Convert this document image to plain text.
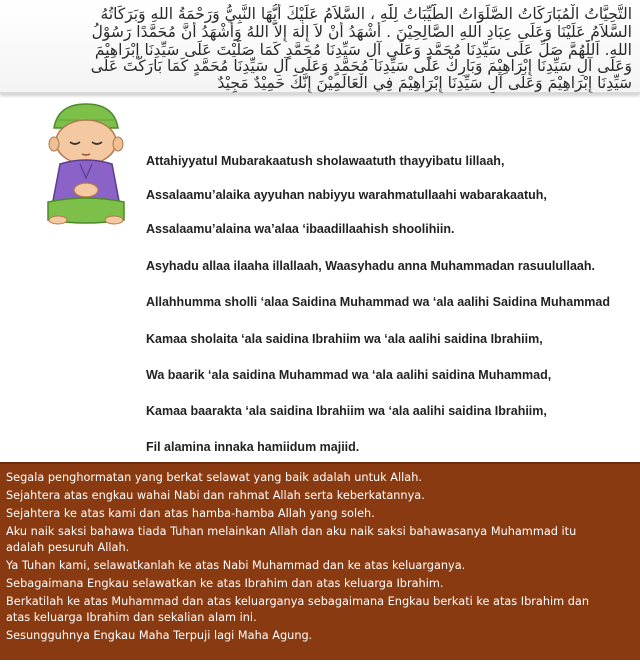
التَّحِيَّاتُ الْمُبَارَكَاتُ الصَّلَوَاتُ الطَّيِّبَاتُ لِلّٰهِ ، السَّلاَمُ عَلَيْكَ أَيُّهَا النَّبِيُّ وَرَحْمَةُ اللهِ وَبَرَكَاتُهُ
السَّلاَمُ عَلَيْنَا وَعَلَى عِبَادِ اللهِ الصَّالِحِيْنَ . أَشْهَدُ أَنْ لاَ إِلٰهَ إِلاَّ اللهُ وَأَشْهَدُ أَنَّ مُحَمَّدًا رَسُوْلُ
اللهِ. اَللّٰهُمَّ صَلِّ عَلَى سَيِّدِنَا مُحَمَّدٍ وَعَلَى آلِ سَيِّدِنَا مُحَمَّدٍ كَمَا صَلَّيْتَ عَلَى سَيِّدِنَا إِبْرَاهِيْمَ
وَعَلَى آلِ سَيِّدِنَا إِبْرَاهِيْمَ وَبَارِكْ عَلَى سَيِّدِنَا مُحَمَّدٍ وَعَلَى آلِ سَيِّدِنَا مُحَمَّدٍ كَمَا بَارَكْتَ عَلَى
سَيِّدِنَا إِبْرَاهِيْمَ وَعَلَى آلِ سَيِّدِنَا إِبْرَاهِيْمَ فِي الْعَالَمِيْنَ إِنَّكَ حَمِيْدٌ مَجِيْدٌ
Attahiyyatul Mubarakaatush sholawaatuth thayyibatu lillaah,
Assalaamu’alaika ayyuhan nabiyyu warahmatullaahi wabarakaatuh,
Assalaamu’alaina wa’alaa ‘ibaadillaahish shoolihiin.
Asyhadu allaa ilaaha illallaah, Waasyhadu anna Muhammadan rasuulullaah.
Allahhumma sholli ‘alaa Saidina Muhammad wa ‘ala aalihi Saidina Muhammad
Kamaa sholaita ‘ala saidina Ibrahiim wa ‘ala aalihi saidina Ibrahiim,
Wa baarik ‘ala saidina Muhammad wa ‘ala aalihi saidina Muhammad,
Kamaa baarakta ‘ala saidina Ibrahiim wa ‘ala aalihi saidina Ibrahiim,
Fil alamina innaka hamiidum majiid.
Segala penghormatan yang berkat selawat yang baik adalah untuk Allah.
Sejahtera atas engkau wahai Nabi dan rahmat Allah serta keberkatannya.
Sejahtera ke atas kami dan atas hamba-hamba Allah yang soleh.
Aku naik saksi bahawa tiada Tuhan melainkan Allah dan aku naik saksi bahawasanya Muhammad itu
adalah pesuruh Allah.
Ya Tuhan kami, selawatkanlah ke atas Nabi Muhammad dan ke atas keluarganya.
Sebagaimana Engkau selawatkan ke atas Ibrahim dan atas keluarga Ibrahim.
Berkatilah ke atas Muhammad dan atas keluarganya sebagaimana Engkau berkati ke atas Ibrahim dan
atas keluarga Ibrahim dan sekalian alam ini.
Sesungguhnya Engkau Maha Terpuji lagi Maha Agung.
